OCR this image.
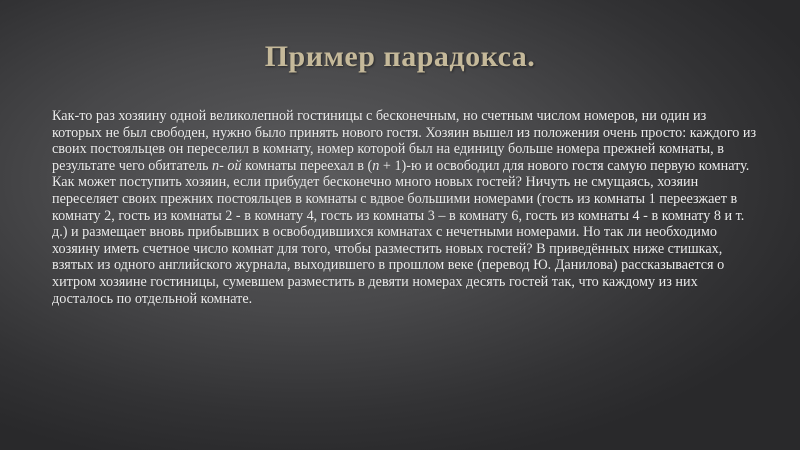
Пример парадокса.
Как-то раз хозяину одной великолепной гостиницы с бесконечным, но счетным числом номеров, ни один из которых не был свободен, нужно было принять нового гостя. Хозяин вышел из положения очень просто: каждого из своих постояльцев он переселил в комнату, номер которой был на единицу больше номера прежней комнаты, в результате чего обитатель n- ой комнаты переехал в (n + 1)-ю и освободил для нового гостя самую первую комнату. Как может поступить хозяин, если прибудет бесконечно много новых гостей? Ничуть не смущаясь, хозяин переселяет своих прежних постояльцев в комнаты с вдвое большими номерами (гость из комнаты 1 переезжает в комнату 2, гость из комнаты 2 - в комнату 4, гость из комнаты 3 – в комнату 6, гость из комнаты 4 - в комнату 8 и т. д.) и размещает вновь прибывших в освободившихся комнатах с нечетными номерами. Но так ли необходимо хозяину иметь счетное число комнат для того, чтобы разместить новых гостей? В приведённых ниже стишках, взятых из одного английского журнала, выходившего в прошлом веке (перевод Ю. Данилова) рассказывается о хитром хозяине гостиницы, сумевшем разместить в девяти номерах десять гостей так, что каждому из них досталось по отдельной комнате.
